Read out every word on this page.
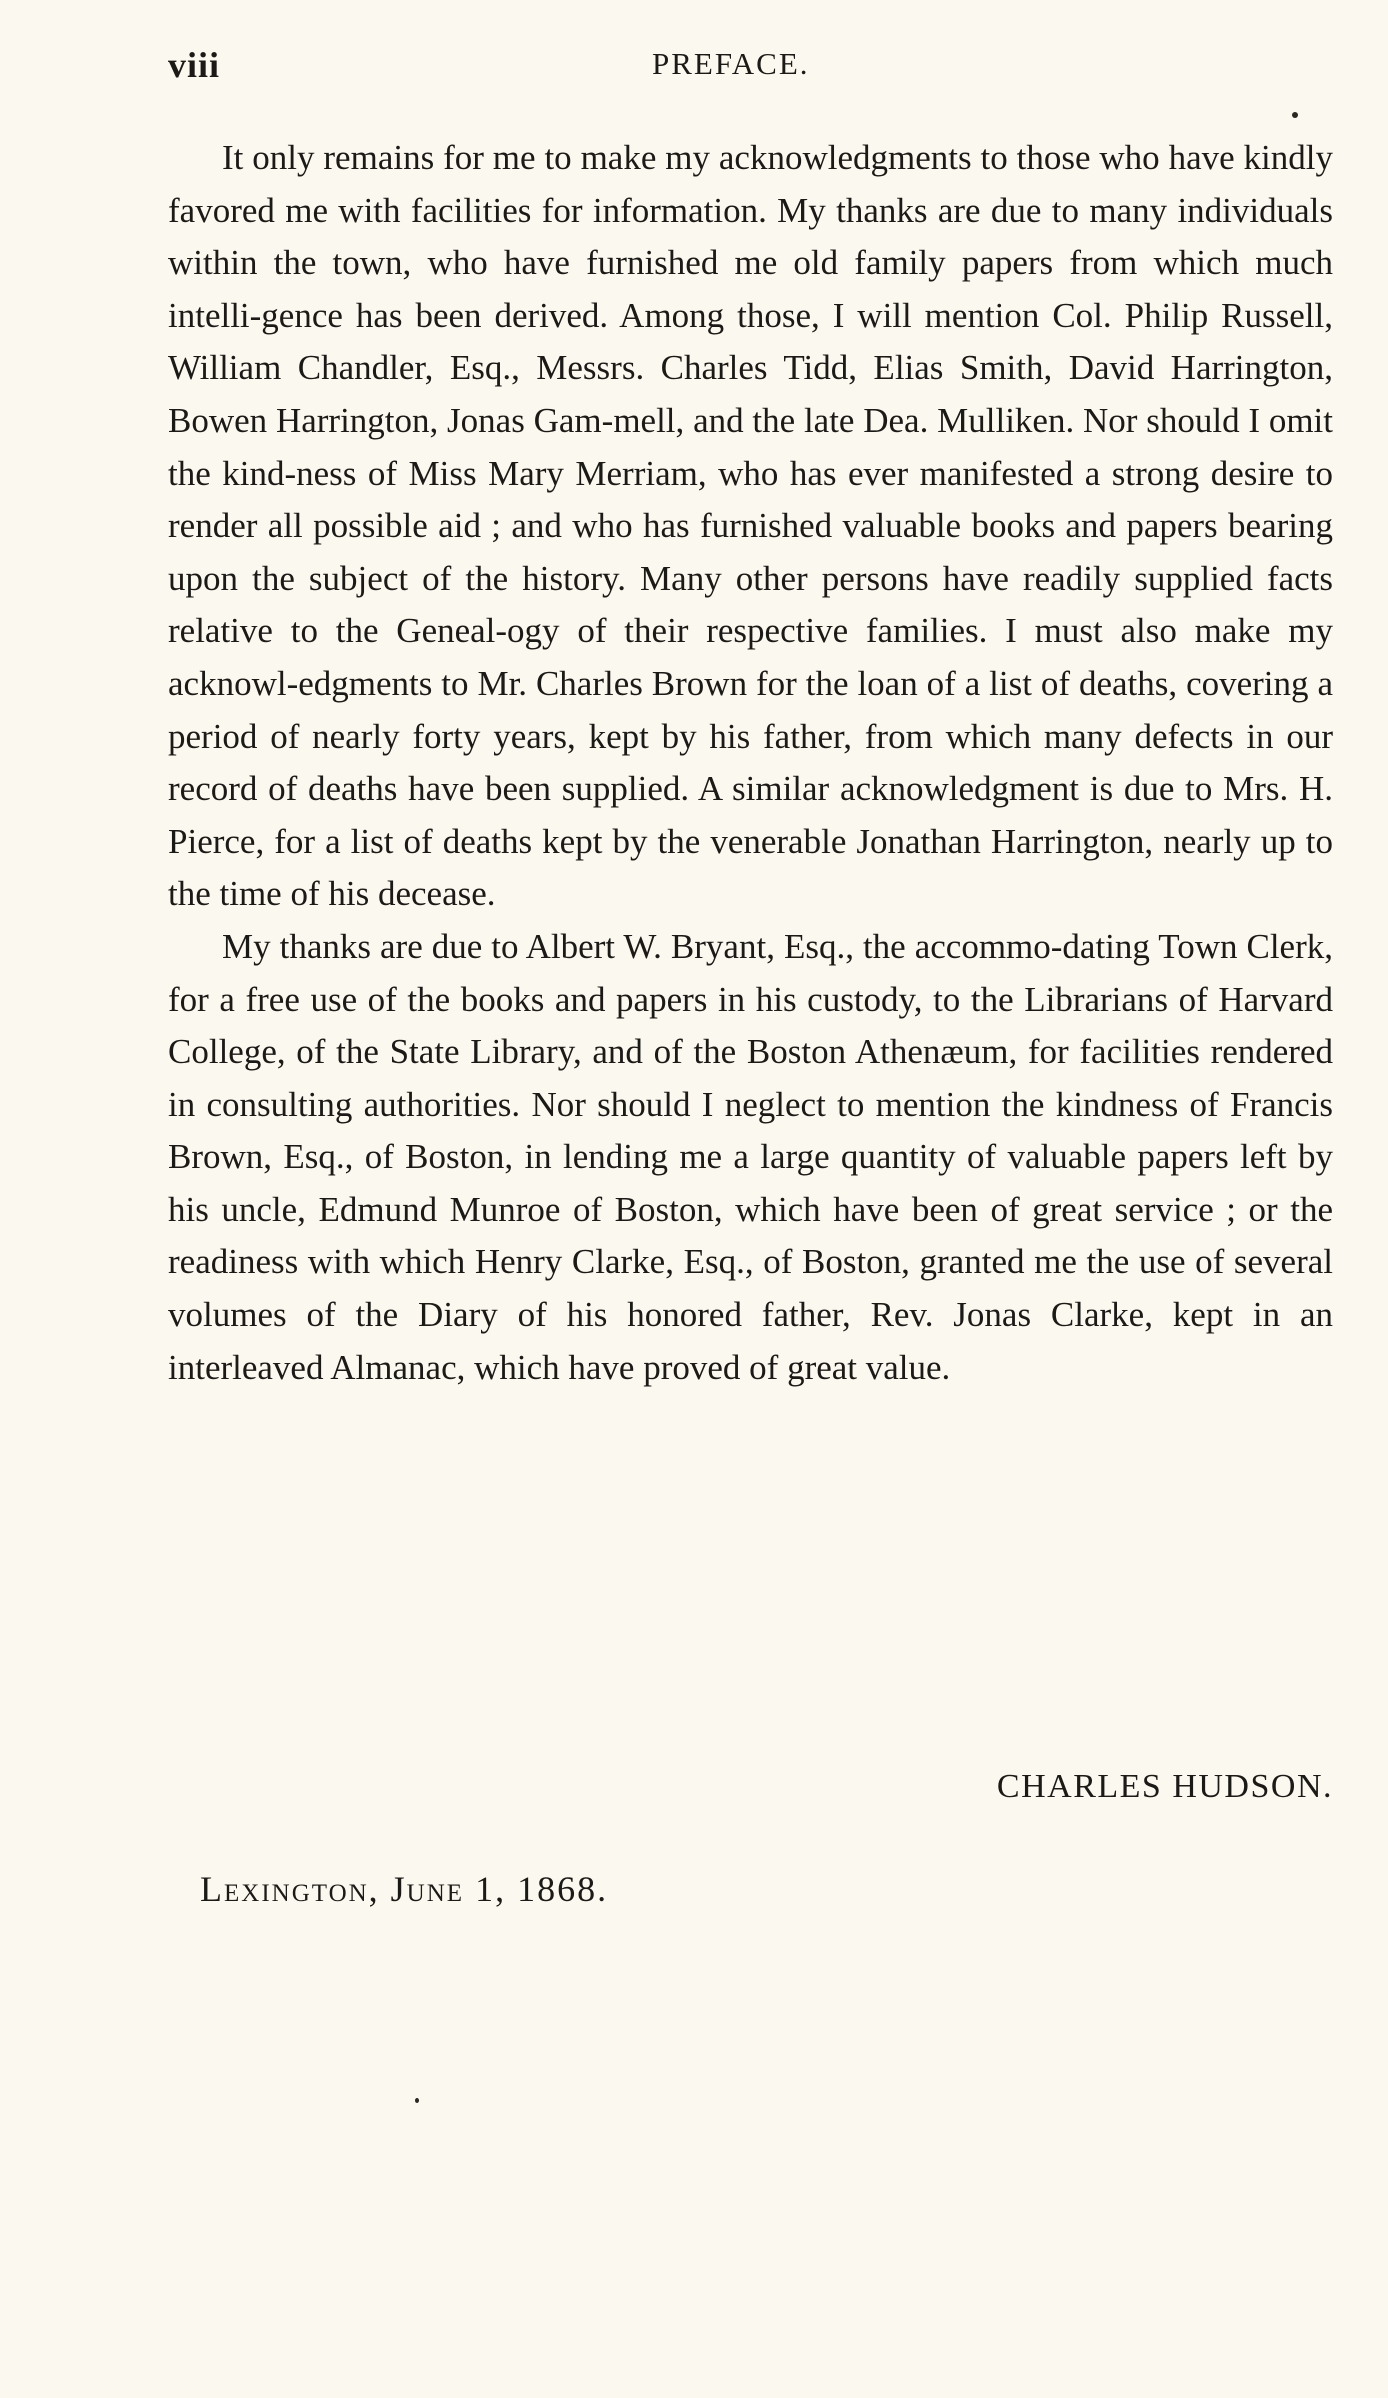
viii	PREFACE.

It only remains for me to make my acknowledgments to those who have kindly favored me with facilities for information. My thanks are due to many individuals within the town, who have furnished me old family papers from which much intelli-gence has been derived. Among those, I will mention Col. Philip Russell, William Chandler, Esq., Messrs. Charles Tidd, Elias Smith, David Harrington, Bowen Harrington, Jonas Gam-mell, and the late Dea. Mulliken. Nor should I omit the kind-ness of Miss Mary Merriam, who has ever manifested a strong desire to render all possible aid ; and who has furnished valuable books and papers bearing upon the subject of the history. Many other persons have readily supplied facts relative to the Geneal-ogy of their respective families. I must also make my acknowl-edgments to Mr. Charles Brown for the loan of a list of deaths, covering a period of nearly forty years, kept by his father, from which many defects in our record of deaths have been supplied. A similar acknowledgment is due to Mrs. H. Pierce, for a list of deaths kept by the venerable Jonathan Harrington, nearly up to the time of his decease.

My thanks are due to Albert W. Bryant, Esq., the accommo-dating Town Clerk, for a free use of the books and papers in his custody, to the Librarians of Harvard College, of the State Library, and of the Boston Athenæum, for facilities rendered in consulting authorities. Nor should I neglect to mention the kindness of Francis Brown, Esq., of Boston, in lending me a large quantity of valuable papers left by his uncle, Edmund Munroe of Boston, which have been of great service ; or the readiness with which Henry Clarke, Esq., of Boston, granted me the use of several volumes of the Diary of his honored father, Rev. Jonas Clarke, kept in an interleaved Almanac, which have proved of great value.

CHARLES HUDSON.
Lexington, June 1, 1868.
